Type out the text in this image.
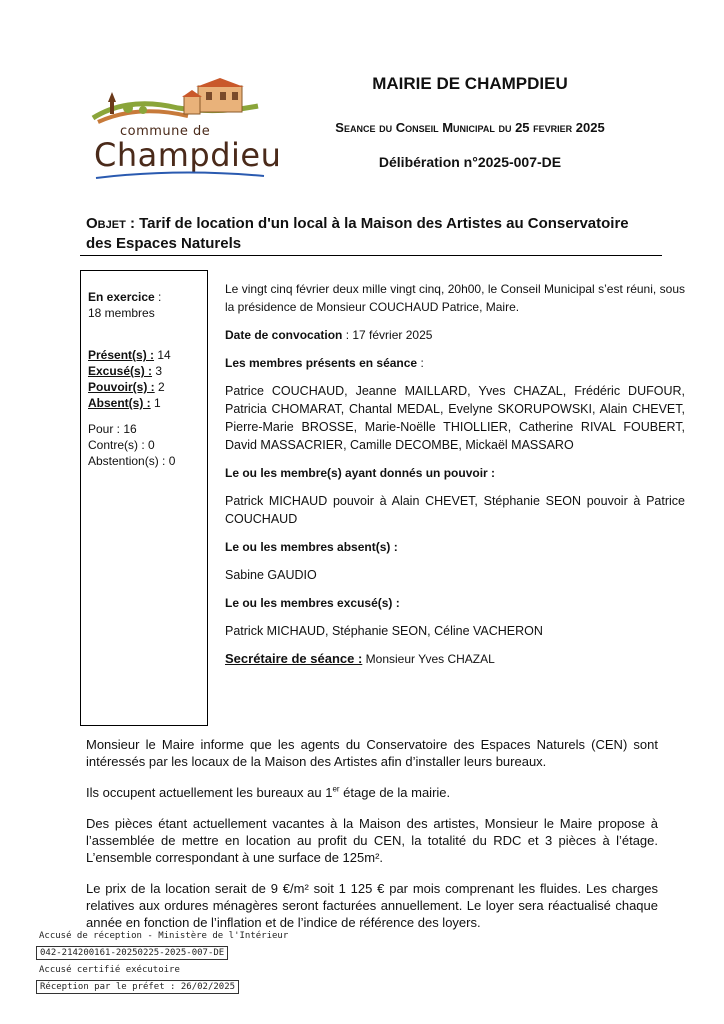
commune de
Champdieu
MAIRIE DE CHAMPDIEU
Seance du Conseil Municipal du 25 fevrier 2025
Délibération n°2025-007-DE
Objet : Tarif de location d'un local à la Maison des Artistes au Conservatoire des Espaces Naturels
En exercice :
18 membres
Présent(s) : 14
Excusé(s) : 3
Pouvoir(s) : 2
Absent(s) : 1
Pour : 16
Contre(s) : 0
Abstention(s) : 0
Le vingt cinq février deux mille vingt cinq, 20h00, le Conseil Municipal s’est réuni, sous la présidence de Monsieur COUCHAUD Patrice, Maire.
Date de convocation : 17 février 2025
Les membres présents en séance :
Patrice COUCHAUD, Jeanne MAILLARD, Yves CHAZAL, Frédéric DUFOUR, Patricia CHOMARAT, Chantal MEDAL, Evelyne SKORUPOWSKI, Alain CHEVET, Pierre-Marie BROSSE, Marie-Noëlle THIOLLIER, Catherine RIVAL FOUBERT, David MASSACRIER, Camille DECOMBE, Mickaël MASSARO
Le ou les membre(s) ayant donnés un pouvoir :
Patrick MICHAUD pouvoir à Alain CHEVET, Stéphanie SEON pouvoir à Patrice COUCHAUD
Le ou les membres absent(s) :
Sabine GAUDIO
Le ou les membres excusé(s) :
Patrick MICHAUD, Stéphanie SEON, Céline VACHERON
Secrétaire de séance : Monsieur Yves CHAZAL

Monsieur le Maire informe que les agents du Conservatoire des Espaces Naturels (CEN) sont intéressés par les locaux de la Maison des Artistes afin d’installer leurs bureaux.

Ils occupent actuellement les bureaux au 1er étage de la mairie.

Des pièces étant actuellement vacantes à la Maison des artistes, Monsieur le Maire propose à l’assemblée de mettre en location au profit du CEN, la totalité du RDC et 3 pièces à l’étage. L’ensemble correspondant à une surface de 125m².

Le prix de la location serait de 9 €/m² soit 1 125 € par mois comprenant les fluides. Les charges relatives aux ordures ménagères seront facturées annuellement. Le loyer sera réactualisé chaque année en fonction de l’inflation et de l’indice de référence des loyers.

Accusé de réception - Ministère de l'Intérieur
042-214200161-20250225-2025-007-DE
Accusé certifié exécutoire
Réception par le préfet : 26/02/2025
